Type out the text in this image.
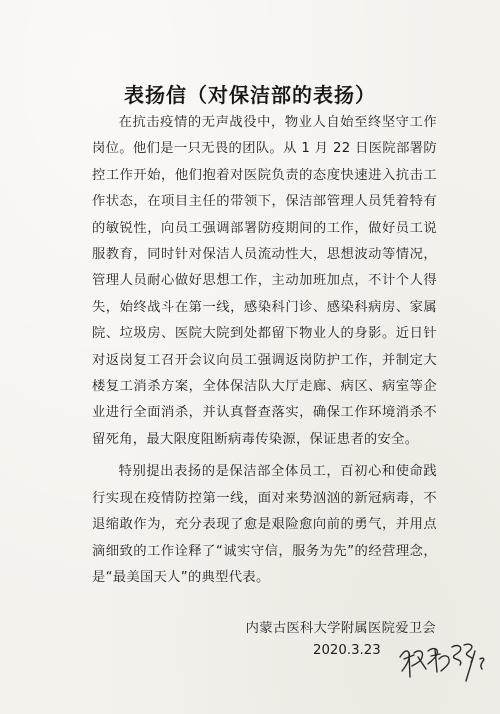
表扬信（对保洁部的表扬）

在抗击疫情的无声战役中，物业人自始至终坚守工作岗位。他们是一只无畏的团队。从 1 月 22 日医院部署防控工作开始，他们抱着对医院负责的态度快速进入抗击工作状态，在项目主任的带领下，保洁部管理人员凭着特有的敏锐性，向员工强调部署防疫期间的工作，做好员工说服教育，同时针对保洁人员流动性大，思想波动等情况，管理人员耐心做好思想工作，主动加班加点，不计个人得失，始终战斗在第一线，感染科门诊、感染科病房、家属院、垃圾房、医院大院到处都留下物业人的身影。近日针对返岗复工召开会议向员工强调返岗防护工作，并制定大楼复工消杀方案，全体保洁队大厅走廊、病区、病室等企业进行全面消杀，并认真督查落实，确保工作环境消杀不留死角，最大限度阻断病毒传染源，保证患者的安全。

特别提出表扬的是保洁部全体员工，百初心和使命践行实现在疫情防控第一线，面对来势汹汹的新冠病毒，不退缩敢作为，充分表现了愈是艰险愈向前的勇气，并用点滴细致的工作诠释了“诚实守信，服务为先”的经营理念，是“最美国天人”的典型代表。

内蒙古医科大学附属医院爱卫会
2020.3.23
